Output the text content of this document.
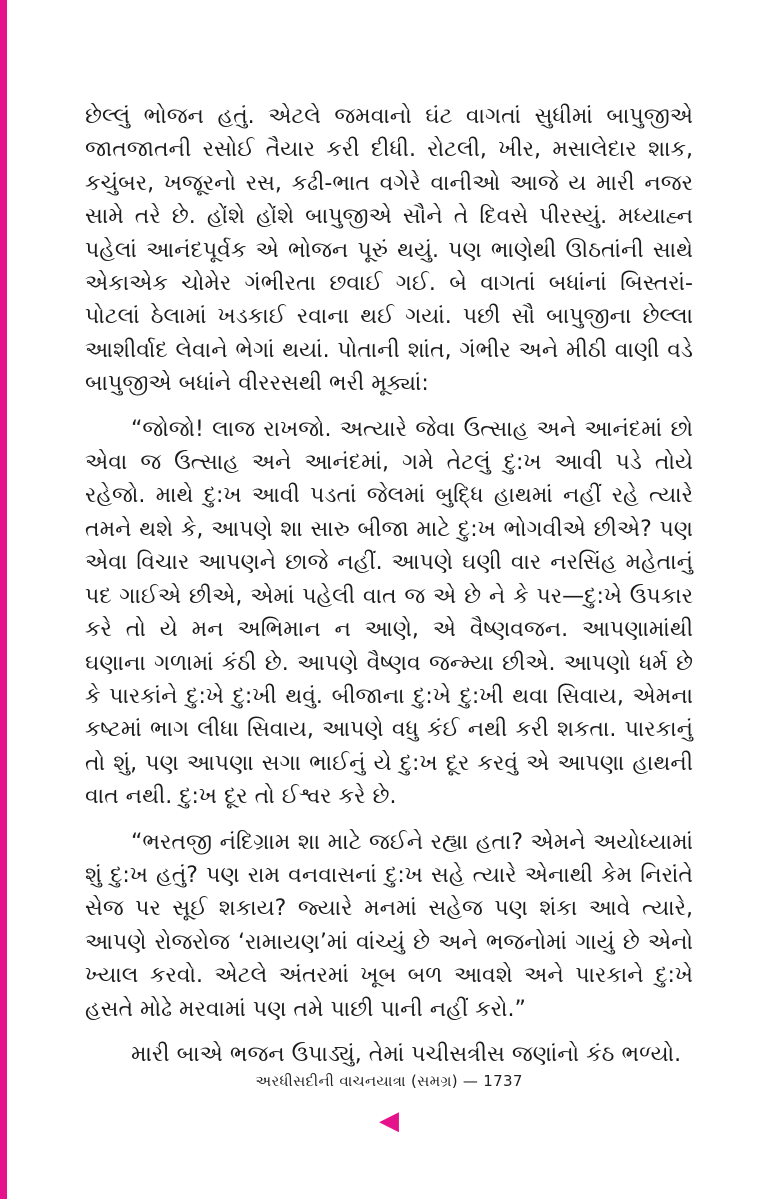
છેલ્લું ભોજન હતું. એટલે જમવાનો ઘંટ વાગતાં સુધીમાં બાપુજીએ જાતજાતની રસોઈ તૈયાર કરી દીધી. રોટલી, ખીર, મસાલેદાર શાક, કચુંબર, ખજૂરનો રસ, કઢી-ભાત વગેરે વાનીઓ આજે ય મારી નજર સામે તરે છે. હોંશે હોંશે બાપુજીએ સૌને તે દિવસે પીરસ્યું. મધ્યાહ્ન પહેલાં આનંદપૂર્વક એ ભોજન પૂરું થયું. પણ ભાણેથી ઊઠતાંની સાથે એકાએક ચોમેર ગંભીરતા છવાઈ ગઈ. બે વાગતાં બધાંનાં બિસ્તરાં-પોટલાં ઠેલામાં ખડકાઈ રવાના થઈ ગયાં. પછી સૌ બાપુજીના છેલ્લા આશીર્વાદ લેવાને ભેગાં થયાં. પોતાની શાંત, ગંભીર અને મીઠી વાણી વડે બાપુજીએ બધાંને વીરરસથી ભરી મૂક્યાં:

“જોજો! લાજ રાખજો. અત્યારે જેવા ઉત્સાહ અને આનંદમાં છો એવા જ ઉત્સાહ અને આનંદમાં, ગમે તેટલું દુ:ખ આવી પડે તોયે રહેજો. માથે દુ:ખ આવી પડતાં જેલમાં બુદ્ધિ હાથમાં નહીં રહે ત્યારે તમને થશે કે, આપણે શા સારુ બીજા માટે દુ:ખ ભોગવીએ છીએ? પણ એવા વિચાર આપણને છાજે નહીં. આપણે ઘણી વાર નરસિંહ મહેતાનું પદ ગાઈએ છીએ, એમાં પહેલી વાત જ એ છે ને કે પર—દુ:ખે ઉપકાર કરે તો યે મન અભિમાન ન આણે, એ વૈષ્ણવજન. આપણામાંથી ઘણાના ગળામાં કંઠી છે. આપણે વૈષ્ણવ જન્મ્યા છીએ. આપણો ધર્મ છે કે પારકાંને દુ:ખે દુ:ખી થવું. બીજાના દુ:ખે દુ:ખી થવા સિવાય, એમના કષ્ટમાં ભાગ લીધા સિવાય, આપણે વધુ કંઈ નથી કરી શકતા. પારકાનું તો શું, પણ આપણા સગા ભાઈનું યે દુ:ખ દૂર કરવું એ આપણા હાથની વાત નથી. દુ:ખ દૂર તો ઈશ્વર કરે છે.

“ભરતજી નંદિગ્રામ શા માટે જઈને રહ્યા હતા? એમને અયોધ્યામાં શું દુ:ખ હતું? પણ રામ વનવાસનાં દુ:ખ સહે ત્યારે એનાથી કેમ નિરાંતે સેજ પર સૂઈ શકાય? જ્યારે મનમાં સહેજ પણ શંકા આવે ત્યારે, આપણે રોજરોજ ‘રામાયણ’માં વાંચ્યું છે અને ભજનોમાં ગાયું છે એનો ખ્યાલ કરવો. એટલે અંતરમાં ખૂબ બળ આવશે અને પારકાને દુ:ખે હસતે મોઢે મરવામાં પણ તમે પાછી પાની નહીં કરો.”

મારી બાએ ભજન ઉપાડ્યું, તેમાં પચીસત્રીસ જણાંનો કંઠ ભળ્યો.

અરધીસદીની વાચનયાત્રા (સમગ્ર) — 1737
◀
